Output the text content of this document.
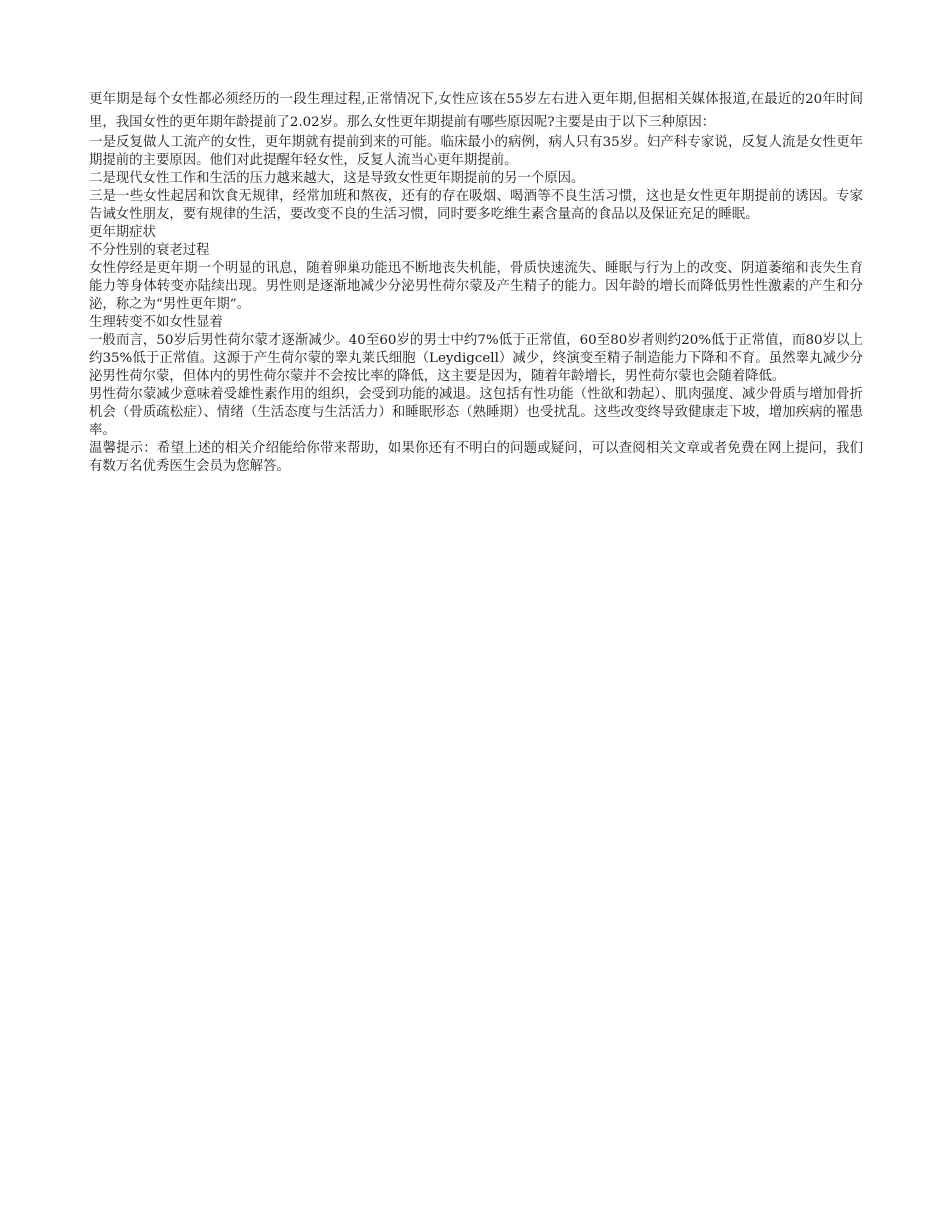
更年期是每个女性都必须经历的一段生理过程,正常情况下,女性应该在55岁左右进入更年期,但据相关媒体报道,在最近的20年时间里，我国女性的更年期年龄提前了2.02岁。那么女性更年期提前有哪些原因呢?主要是由于以下三种原因：

一是反复做人工流产的女性，更年期就有提前到来的可能。临床最小的病例，病人只有35岁。妇产科专家说，反复人流是女性更年期提前的主要原因。他们对此提醒年轻女性，反复人流当心更年期提前。

二是现代女性工作和生活的压力越来越大，这是导致女性更年期提前的另一个原因。

三是一些女性起居和饮食无规律，经常加班和熬夜，还有的存在吸烟、喝酒等不良生活习惯，这也是女性更年期提前的诱因。专家告诫女性朋友，要有规律的生活，要改变不良的生活习惯，同时要多吃维生素含量高的食品以及保证充足的睡眠。

更年期症状

不分性别的衰老过程

女性停经是更年期一个明显的讯息，随着卵巢功能迅不断地丧失机能，骨质快速流失、睡眠与行为上的改变、阴道萎缩和丧失生育能力等身体转变亦陆续出现。男性则是逐渐地减少分泌男性荷尔蒙及产生精子的能力。因年龄的增长而降低男性性激素的产生和分泌，称之为“男性更年期”。

生理转变不如女性显着

一般而言，50岁后男性荷尔蒙才逐渐减少。40至60岁的男士中约7%低于正常值，60至80岁者则约20%低于正常值，而80岁以上约35%低于正常值。这源于产生荷尔蒙的睾丸莱氏细胞（Leydigcell）减少，终演变至精子制造能力下降和不育。虽然睾丸减少分泌男性荷尔蒙，但体内的男性荷尔蒙并不会按比率的降低，这主要是因为，随着年龄增长，男性荷尔蒙也会随着降低。

男性荷尔蒙减少意味着受雄性素作用的组织，会受到功能的减退。这包括有性功能（性欲和勃起）、肌肉强度、减少骨质与增加骨折机会（骨质疏松症）、情绪（生活态度与生活活力）和睡眠形态（熟睡期）也受扰乱。这些改变终导致健康走下坡，增加疾病的罹患率。

温馨提示：希望上述的相关介绍能给你带来帮助，如果你还有不明白的问题或疑问，可以查阅相关文章或者免费在网上提问，我们有数万名优秀医生会员为您解答。
